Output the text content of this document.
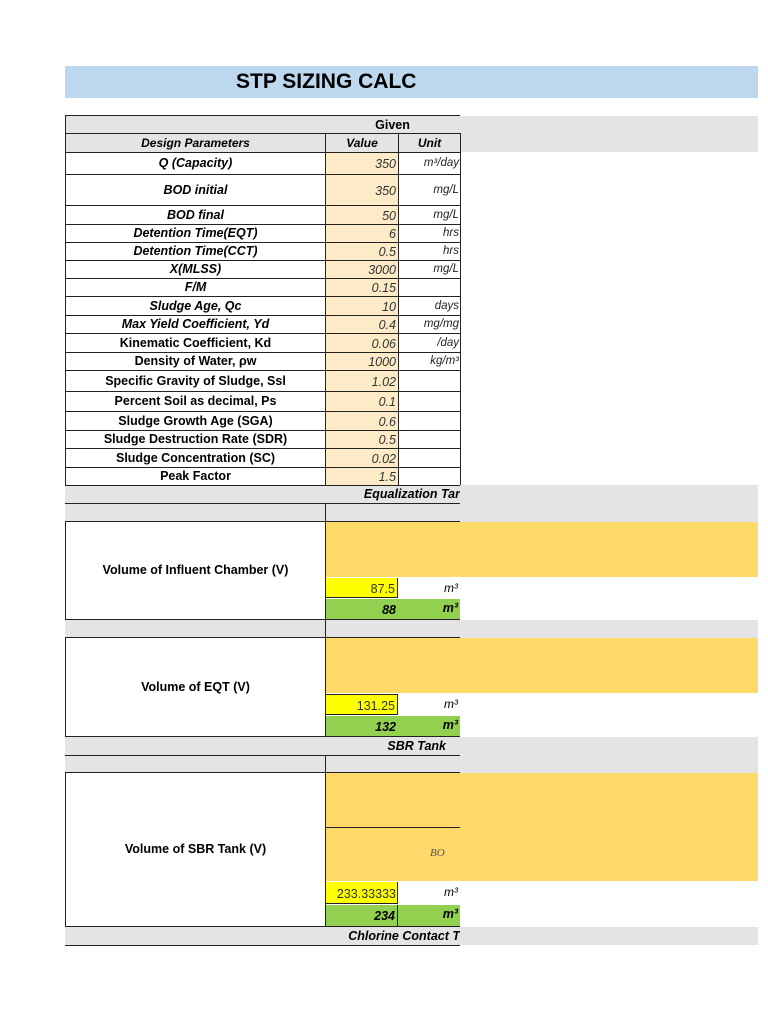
STP SIZING CALC
Given
Design Parameters	Value	Unit
Q (Capacity)	350	m³/day
BOD initial	350	mg/L
BOD final	50	mg/L
Detention Time(EQT)	6	hrs
Detention Time(CCT)	0.5	hrs
X(MLSS)	3000	mg/L
F/M	0.15
Sludge Age, Qc	10	days
Max Yield Coefficient, Yd	0.4	mg/mg
Kinematic Coefficient, Kd	0.06	/day
Density of Water, ρw	1000	kg/m³
Specific Gravity of Sludge, Ssl	1.02
Percent Soil as decimal, Ps	0.1
Sludge Growth Age (SGA)	0.6
Sludge Destruction Rate (SDR)	0.5
Sludge Concentration (SC)	0.02
Peak Factor	1.5
Equalization Tar
Volume of Influent Chamber (V)
87.5	m³
88	m³
Volume of EQT (V)
131.25	m³
132	m³
SBR Tank
Volume of SBR Tank (V)	BO
233.33333	m³
234	m³
Chlorine Contact T
